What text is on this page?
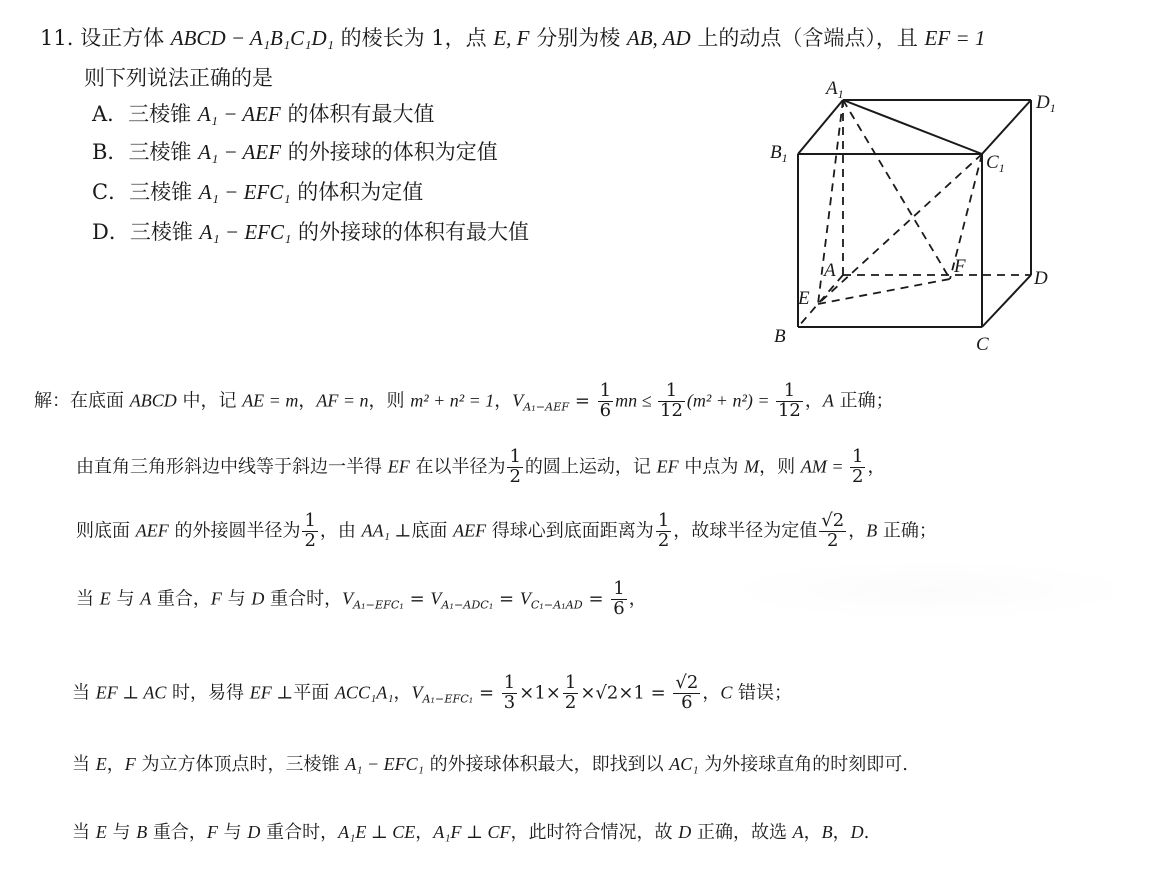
11. 设正方体 ABCD − A₁B₁C₁D₁ 的棱长为 1，点 E, F 分别为棱 AB, AD 上的动点（含端点），且 EF = 1
则下列说法正确的是
A．三棱锥 A₁ − AEF 的体积有最大值
B．三棱锥 A₁ − AEF 的外接球的体积为定值
C．三棱锥 A₁ − EFC₁ 的体积为定值
D．三棱锥 A₁ − EFC₁ 的外接球的体积有最大值
$A_1$	$D_1$
$B_1$	$C_1$
A	D
E
F
B	C
解：在底面 ABCD 中，记 AE = m，AF = n，则 m² + n² = 1，$V_{A_1-AEF} = \frac{1}{6}$ mn ≤ $\frac{1}{12} (m^2 + n^2) = \frac{1}{12}$ ，A 正确；
由直角三角形斜边中线等于斜边一半得 EF 在以半径为 $\frac{1}{2}$ 的圆上运动，记 EF 中点为 M，则 AM = $\frac{1}{2}$ ，
则底面 AEF 的外接圆半径为 $\frac{1}{2}$ ，由 AA₁ ⊥底面 AEF 得球心到底面距离为 $\frac{1}{2}$ ，故球半径为定值 $\frac{√2}{2}$ ，B 正确；
当 E 与 A 重合，F 与 D 重合时，$V_{A_1-EFC_1} = V_{A_1-ADC_1} = V_{C_1-A_1AD} = \frac{1}{6}$ ，
当 EF ⊥ AC 时，易得 EF ⊥平面 ACC₁A₁，$V_{A_1-EFC_1} = \frac{1}{3} \times 1\times \frac{1}{2} \times√2\times 1 = \frac{√2}{6}$ ，C 错误；
当 E，F 为立方体顶点时，三棱锥 A₁ − EFC₁ 的外接球体积最大，即找到以 AC₁ 为外接球直角的时刻即可.
当 E 与 B 重合，F 与 D 重合时，A₁E ⊥ CE，A₁F ⊥ CF，此时符合情况，故 D 正确，故选 A，B，D.
